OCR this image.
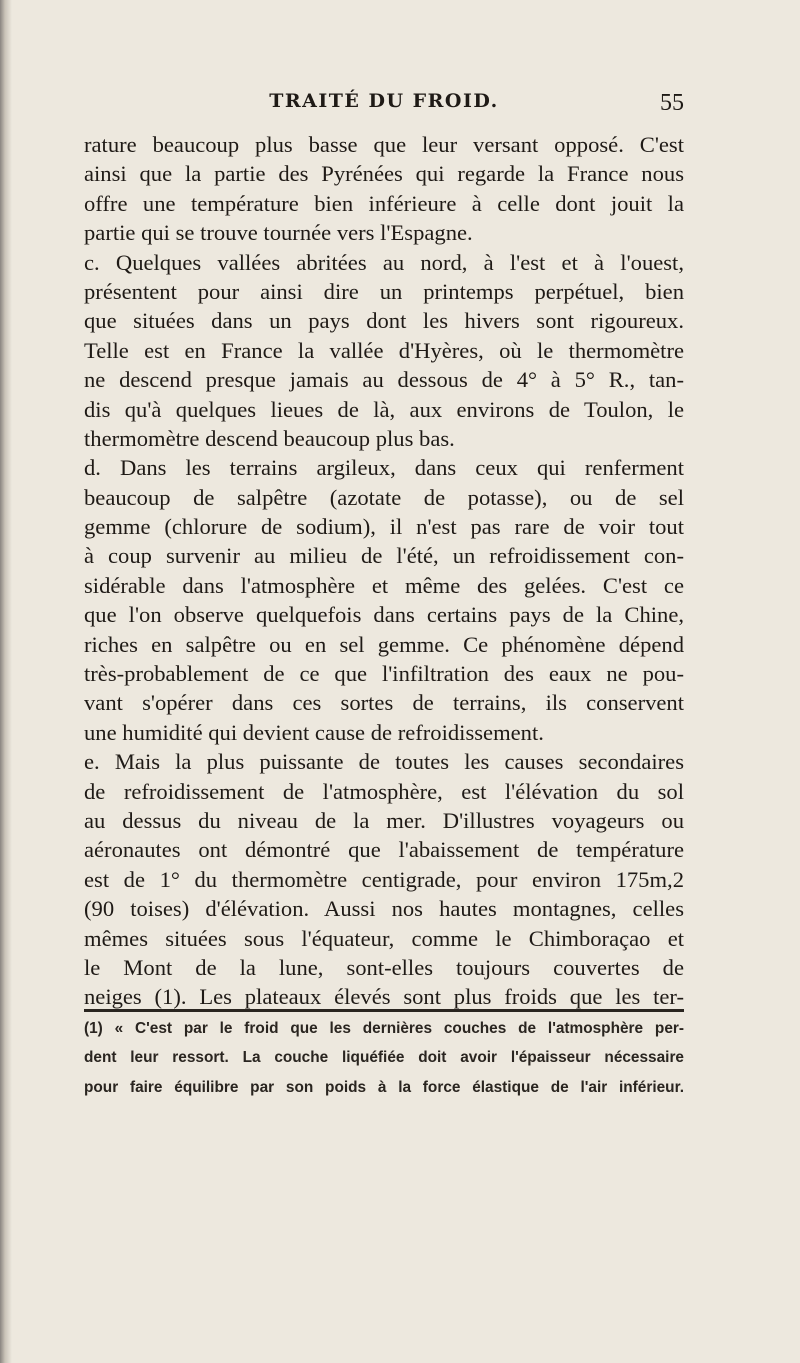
TRAITÉ DU FROID.	55
rature beaucoup plus basse que leur versant opposé. C'est
ainsi que la partie des Pyrénées qui regarde la France nous
offre une température bien inférieure à celle dont jouit la
partie qui se trouve tournée vers l'Espagne.
c. Quelques vallées abritées au nord, à l'est et à l'ouest,
présentent pour ainsi dire un printemps perpétuel, bien
que situées dans un pays dont les hivers sont rigoureux.
Telle est en France la vallée d'Hyères, où le thermomètre
ne descend presque jamais au dessous de 4° à 5° R., tan-
dis qu'à quelques lieues de là, aux environs de Toulon, le
thermomètre descend beaucoup plus bas.
d. Dans les terrains argileux, dans ceux qui renferment
beaucoup de salpêtre (azotate de potasse), ou de sel
gemme (chlorure de sodium), il n'est pas rare de voir tout
à coup survenir au milieu de l'été, un refroidissement con-
sidérable dans l'atmosphère et même des gelées. C'est ce
que l'on observe quelquefois dans certains pays de la Chine,
riches en salpêtre ou en sel gemme. Ce phénomène dépend
très-probablement de ce que l'infiltration des eaux ne pou-
vant s'opérer dans ces sortes de terrains, ils conservent
une humidité qui devient cause de refroidissement.
e. Mais la plus puissante de toutes les causes secondaires
de refroidissement de l'atmosphère, est l'élévation du sol
au dessus du niveau de la mer. D'illustres voyageurs ou
aéronautes ont démontré que l'abaissement de température
est de 1° du thermomètre centigrade, pour environ 175m,2
(90 toises) d'élévation. Aussi nos hautes montagnes, celles
mêmes situées sous l'équateur, comme le Chimboraçao et
le Mont de la lune, sont-elles toujours couvertes de
neiges (1). Les plateaux élevés sont plus froids que les ter-
(1) « C'est par le froid que les dernières couches de l'atmosphère per-
dent leur ressort. La couche liquéfiée doit avoir l'épaisseur nécessaire
pour faire équilibre par son poids à la force élastique de l'air inférieur.
